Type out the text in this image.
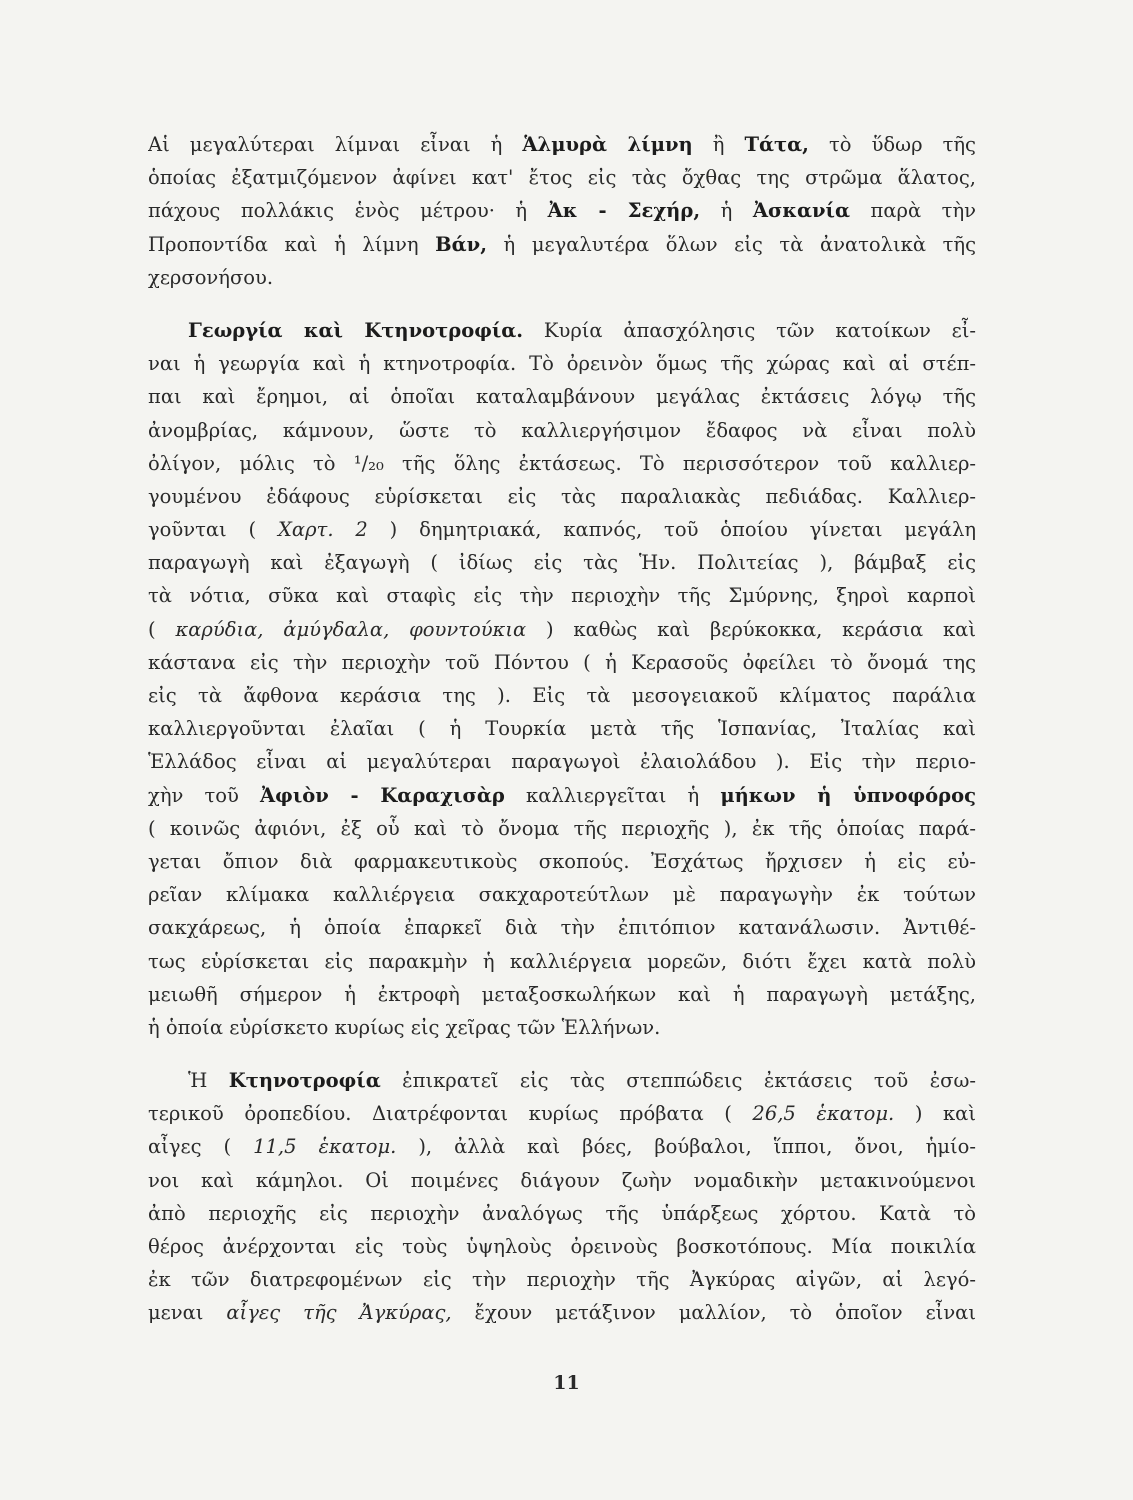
Αἱ μεγαλύτεραι λίμναι εἶναι ἡ Ἁλμυρὰ λίμνη ἢ Τάτα, τὸ ὕδωρ τῆς
ὁποίας ἐξατμιζόμενον ἀφίνει κατ' ἔτος εἰς τὰς ὄχθας της στρῶμα ἅλατος,
πάχους πολλάκις ἑνὸς μέτρου· ἡ Ἀκ - Σεχήρ, ἡ Ἀσκανία παρὰ τὴν
Προποντίδα καὶ ἡ λίμνη Βάν, ἡ μεγαλυτέρα ὅλων εἰς τὰ ἀνατολικὰ τῆς
χερσονήσου.
Γεωργία καὶ Κτηνοτροφία. Κυρία ἀπασχόλησις τῶν κατοίκων εἶ-
ναι ἡ γεωργία καὶ ἡ κτηνοτροφία. Τὸ ὀρεινὸν ὅμως τῆς χώρας καὶ αἱ στέπ-
παι καὶ ἔρημοι, αἱ ὁποῖαι καταλαμβάνουν μεγάλας ἐκτάσεις λόγῳ τῆς
ἀνομβρίας, κάμνουν, ὥστε τὸ καλλιεργήσιμον ἔδαφος νὰ εἶναι πολὺ
ὀλίγον, μόλις τὸ ¹/₂₀ τῆς ὅλης ἐκτάσεως. Τὸ περισσότερον τοῦ καλλιερ-
γουμένου ἐδάφους εὑρίσκεται εἰς τὰς παραλιακὰς πεδιάδας. Καλλιερ-
γοῦνται ( Χαρτ. 2 ) δημητριακά, καπνός, τοῦ ὁποίου γίνεται μεγάλη
παραγωγὴ καὶ ἐξαγωγὴ ( ἰδίως εἰς τὰς Ἡν. Πολιτείας ), βάμβαξ εἰς
τὰ νότια, σῦκα καὶ σταφὶς εἰς τὴν περιοχὴν τῆς Σμύρνης, ξηροὶ καρποὶ
( καρύδια, ἀμύγδαλα, φουντούκια ) καθὼς καὶ βερύκοκκα, κεράσια καὶ
κάστανα εἰς τὴν περιοχὴν τοῦ Πόντου ( ἡ Κερασοῦς ὀφείλει τὸ ὄνομά της
εἰς τὰ ἄφθονα κεράσια της ). Εἰς τὰ μεσογειακοῦ κλίματος παράλια
καλλιεργοῦνται ἐλαῖαι ( ἡ Τουρκία μετὰ τῆς Ἱσπανίας, Ἰταλίας καὶ
Ἑλλάδος εἶναι αἱ μεγαλύτεραι παραγωγοὶ ἐλαιολάδου ). Εἰς τὴν περιο-
χὴν τοῦ Ἀφιὸν - Καραχισὰρ καλλιεργεῖται ἡ μήκων ἡ ὑπνοφόρος
( κοινῶς ἀφιόνι, ἐξ οὗ καὶ τὸ ὄνομα τῆς περιοχῆς ), ἐκ τῆς ὁποίας παρά-
γεται ὄπιον διὰ φαρμακευτικοὺς σκοπούς. Ἐσχάτως ἤρχισεν ἡ εἰς εὐ-
ρεῖαν κλίμακα καλλιέργεια σακχαροτεύτλων μὲ παραγωγὴν ἐκ τούτων
σακχάρεως, ἡ ὁποία ἐπαρκεῖ διὰ τὴν ἐπιτόπιον κατανάλωσιν. Ἀντιθέ-
τως εὑρίσκεται εἰς παρακμὴν ἡ καλλιέργεια μορεῶν, διότι ἔχει κατὰ πολὺ
μειωθῆ σήμερον ἡ ἐκτροφὴ μεταξοσκωλήκων καὶ ἡ παραγωγὴ μετάξης,
ἡ ὁποία εὑρίσκετο κυρίως εἰς χεῖρας τῶν Ἑλλήνων.
Ἡ Κτηνοτροφία ἐπικρατεῖ εἰς τὰς στεππώδεις ἐκτάσεις τοῦ ἐσω-
τερικοῦ ὀροπεδίου. Διατρέφονται κυρίως πρόβατα ( 26,5 ἑκατομ. ) καὶ
αἶγες ( 11,5 ἑκατομ. ), ἀλλὰ καὶ βόες, βούβαλοι, ἵπποι, ὄνοι, ἡμίο-
νοι καὶ κάμηλοι. Οἱ ποιμένες διάγουν ζωὴν νομαδικὴν μετακινούμενοι
ἀπὸ περιοχῆς εἰς περιοχὴν ἀναλόγως τῆς ὑπάρξεως χόρτου. Κατὰ τὸ
θέρος ἀνέρχονται εἰς τοὺς ὑψηλοὺς ὀρεινοὺς βοσκοτόπους. Μία ποικιλία
ἐκ τῶν διατρεφομένων εἰς τὴν περιοχὴν τῆς Ἀγκύρας αἰγῶν, αἱ λεγό-
μεναι αἶγες τῆς Ἀγκύρας, ἔχουν μετάξινον μαλλίον, τὸ ὁποῖον εἶναι
11
